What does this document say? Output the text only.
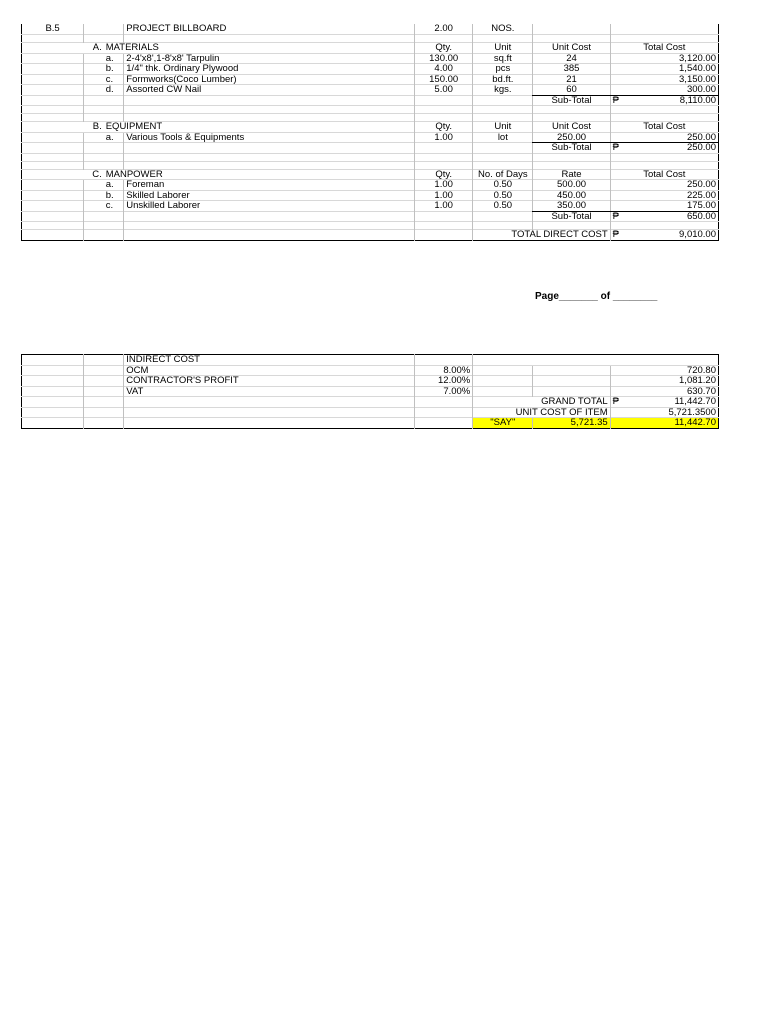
B.5			PROJECT BILLBOARD	2.00	NOS.		

	A.	MATERIALS		Qty.	Unit	Unit Cost	Total Cost
		a.	2-4'x8',1-8'x8' Tarpulin	130.00	sq.ft	24	3,120.00
		b.	1/4" thk. Ordinary Plywood	4.00	pcs	385	1,540.00
		c.	Formworks(Coco Lumber)	150.00	bd.ft.	21	3,150.00
		d.	Assorted CW Nail	5.00	kgs.	60	300.00
						Sub-Total	₱ 8,110.00

	B.	EQUIPMENT		Qty.	Unit	Unit Cost	Total Cost
		a.	Various Tools & Equipments	1.00	lot	250.00	250.00
						Sub-Total	₱ 250.00

	C.	MANPOWER		Qty.	No. of Days	Rate	Total Cost
		a.	Foreman	1.00	0.50	500.00	250.00
		b.	Skilled Laborer	1.00	0.50	450.00	225.00
		c.	Unskilled Laborer	1.00	0.50	350.00	175.00
						Sub-Total	₱ 650.00

					TOTAL DIRECT COST		₱ 9,010.00
Page_______ of ________
			INDIRECT COST				
			OCM	8.00%			720.80
			CONTRACTOR'S PROFIT	12.00%			1,081.20
			VAT	7.00%			630.70
					GRAND TOTAL		₱ 11,442.70

					UNIT COST OF ITEM		5,721.3500
					"SAY"	5,721.35	11,442.70
